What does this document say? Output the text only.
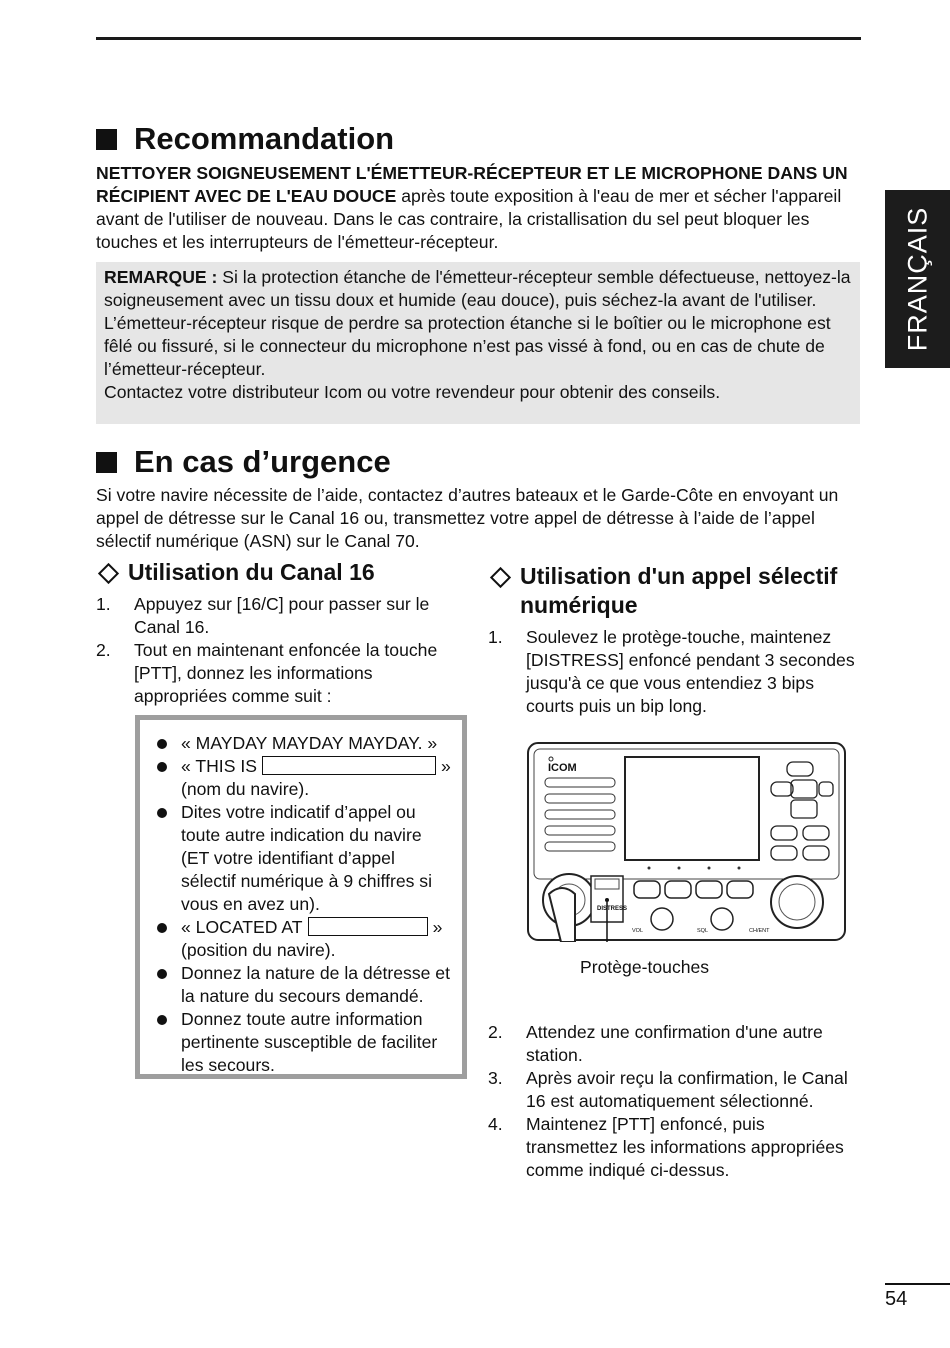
FRANÇAIS
Recommandation

NETTOYER SOIGNEUSEMENT L'ÉMETTEUR-RÉCEPTEUR ET LE MICROPHONE DANS UN RÉCIPIENT AVEC DE L'EAU DOUCE après toute exposition à l'eau de mer et sécher l'appareil avant de l'utiliser de nouveau. Dans le cas contraire, la cristallisation du sel peut bloquer les touches et les interrupteurs de l'émetteur-récepteur.

REMARQUE : Si la protection étanche de l'émetteur-récepteur semble défectueuse, nettoyez-la soigneusement avec un tissu doux et humide (eau douce), puis séchez-la avant de l'utiliser.

L’émetteur-récepteur risque de perdre sa protection étanche si le boîtier ou le microphone est fêlé ou fissuré, si le connecteur du microphone n’est pas vissé à fond, ou en cas de chute de l’émetteur-récepteur.

Contactez votre distributeur Icom ou votre revendeur pour obtenir des conseils.

En cas d’urgence

Si votre navire nécessite de l’aide, contactez d’autres bateaux et le Garde-Côte en envoyant un appel de détresse sur le Canal 16 ou, transmettez votre appel de détresse à l’aide de l’appel sélectif numérique (ASN) sur le Canal 70.

Utilisation du Canal 16
1.	Appuyez sur [16/C] pour passer sur le Canal 16.
2.	Tout en maintenant enfoncée la touche [PTT], donnez les informations appropriées comme suit :
« MAYDAY MAYDAY MAYDAY. »
« THIS IS	»
(nom du navire).
Dites votre indicatif d’appel ou toute autre indication du navire (ET votre identifiant d’appel sélectif numérique à 9 chiffres si vous en avez un).
« LOCATED AT	»
(position du navire).
Donnez la nature de la détresse et la nature du secours demandé.
Donnez toute autre information pertinente susceptible de faciliter les secours.
Utilisation d'un appel sélectif numérique
1.	Soulevez le protège-touche, maintenez [DISTRESS] enfoncé pendant 3 secondes jusqu'à ce que vous entendiez 3 bips courts puis un bip long.
ICOM
DISTRESS
VOL	SQL	CH/ENT
Protège-touches
2.	Attendez une confirmation d'une autre station.
3.	Après avoir reçu la confirmation, le Canal 16 est automatiquement sélectionné.
4.	Maintenez [PTT] enfoncé, puis transmettez les informations appropriées comme indiqué ci-dessus.
54
